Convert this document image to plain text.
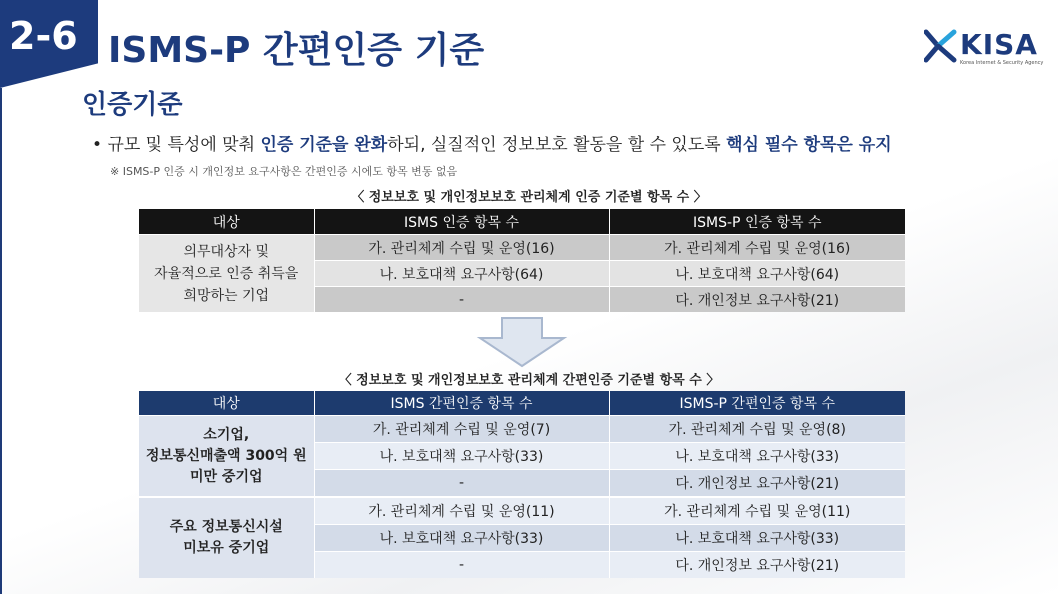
2-6 ISMS-P 간편인증 기준	KISA
Korea Internet & Security Agency
인증기준
• 규모 및 특성에 맞춰 인증 기준을 완화하되, 실질적인 정보보호 활동을 할 수 있도록 핵심 필수 항목은 유지
※ ISMS-P 인증 시 개인정보 요구사항은 간편인증 시에도 항목 변동 없음
〈 정보보호 및 개인정보보호 관리체계 인증 기준별 항목 수 〉
대상	ISMS 인증 항목 수	ISMS-P 인증 항목 수

의무대상자 및
자율적으로 인증 취득을
희망하는 기업	가. 관리체계 수립 및 운영(16)	가. 관리체계 수립 및 운영(16)
	나. 보호대책 요구사항(64)	나. 보호대책 요구사항(64)
	-	다. 개인정보 요구사항(21)
〈 정보보호 및 개인정보보호 관리체계 간편인증 기준별 항목 수 〉
대상	ISMS 간편인증 항목 수	ISMS-P 간편인증 항목 수

소기업,
정보통신매출액 300억 원
미만 중기업	가. 관리체계 수립 및 운영(7)	가. 관리체계 수립 및 운영(8)
	나. 보호대책 요구사항(33)	나. 보호대책 요구사항(33)
	-	다. 개인정보 요구사항(21)

주요 정보통신시설
미보유 중기업	가. 관리체계 수립 및 운영(11)	가. 관리체계 수립 및 운영(11)
	나. 보호대책 요구사항(33)	나. 보호대책 요구사항(33)
	-	다. 개인정보 요구사항(21)
